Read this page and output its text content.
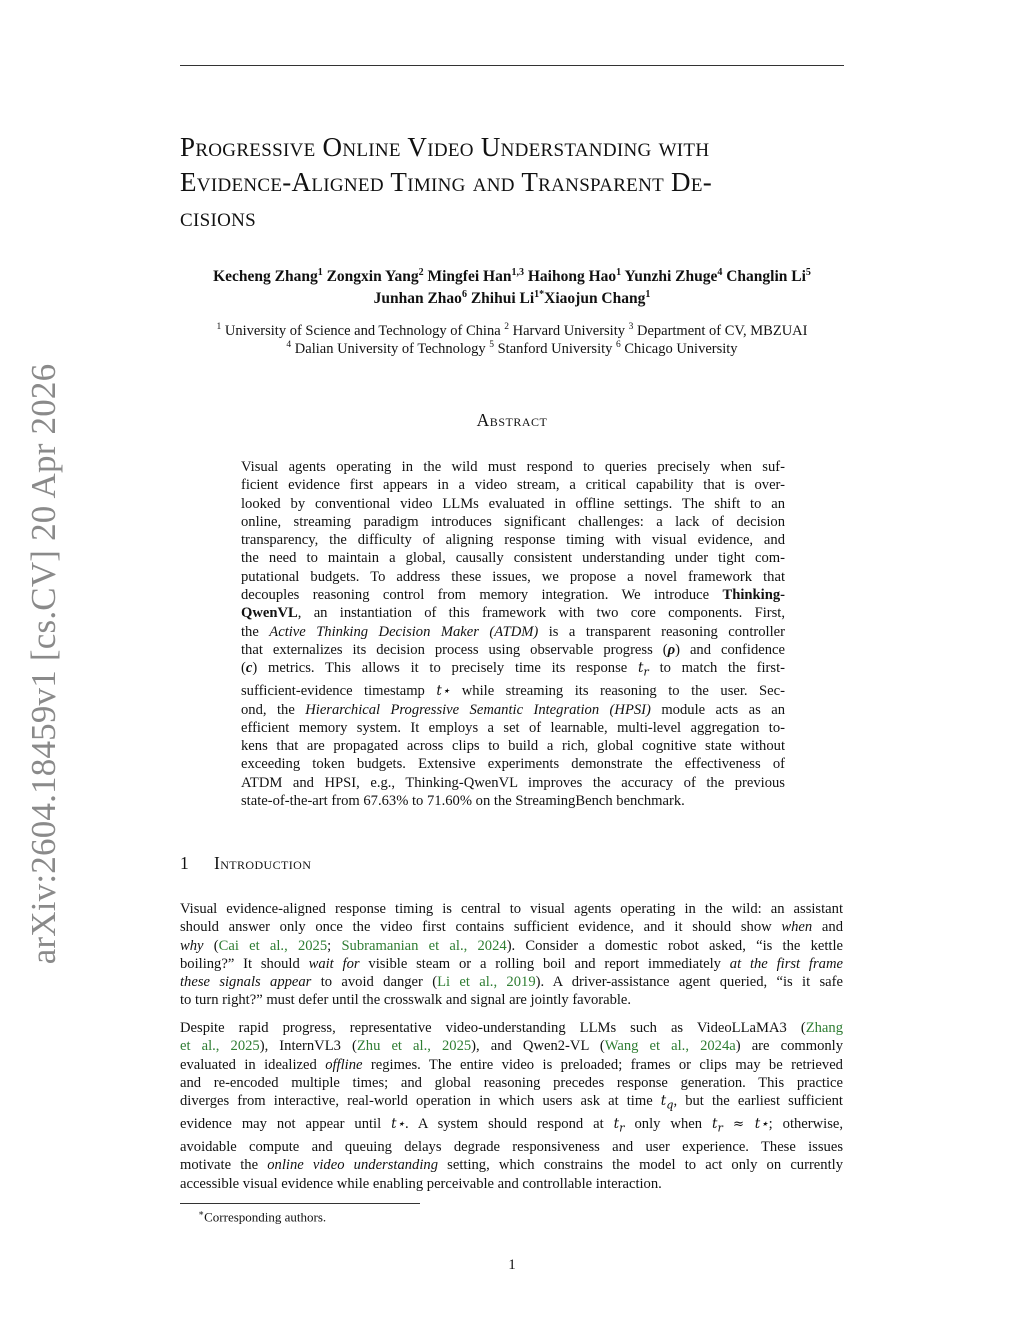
arXiv:2604.18459v1 [cs.CV] 20 Apr 2026
Progressive Online Video Understanding with
Evidence-Aligned Timing and Transparent De-
cisions
Kecheng Zhang$^1$ Zongxin Yang$^2$ Mingfei Han$^{1,3}$ Haihong Hao$^1$ Yunzhi Zhuge$^4$ Changlin Li$^5$
Junhan Zhao$^6$ Zhihui $Li^{1*}Xiaojun$ Chang$^1$
$^1$ University of Science and Technology of China $^2$ Harvard University $^3$ Department of CV, MBZUAI
$^4$ Dalian University of Technology $^5$ Stanford University $^6$ Chicago University
Abstract
Visual agents operating in the wild must respond to queries precisely when suf-
ficient evidence first appears in a video stream, a critical capability that is over-
looked by conventional video LLMs evaluated in offline settings. The shift to an
online, streaming paradigm introduces significant challenges: a lack of decision
transparency, the difficulty of aligning response timing with visual evidence, and
the need to maintain a global, causally consistent understanding under tight com-
putational budgets. To address these issues, we propose a novel framework that
decouples reasoning control from memory integration. We introduce Thinking-
QwenVL, an instantiation of this framework with two core components. First,
the Active Thinking Decision Maker (ATDM) is a transparent reasoning controller
that externalizes its decision process using observable progress (ρ) and confidence
(c) metrics. This allows it to precisely time its response $t_r$ to match the first-
sufficient-evidence timestamp t⋆ while streaming its reasoning to the user. Sec-
ond, the Hierarchical Progressive Semantic Integration (HPSI) module acts as an
efficient memory system. It employs a set of learnable, multi-level aggregation to-
kens that are propagated across clips to build a rich, global cognitive state without
exceeding token budgets. Extensive experiments demonstrate the effectiveness of
ATDM and HPSI, e.g., Thinking-QwenVL improves the accuracy of the previous
state-of-the-art from 67.63% to 71.60% on the StreamingBench benchmark.
1 Introduction
Visual evidence-aligned response timing is central to visual agents operating in the wild: an assistant
should answer only once the video first contains sufficient evidence, and it should show when and
why (Cai et al., 2025; Subramanian et al., 2024). Consider a domestic robot asked, “is the kettle
boiling?” It should wait for visible steam or a rolling boil and report immediately at the first frame
these signals appear to avoid danger (Li et al., 2019). A driver-assistance agent queried, “is it safe
to turn right?” must defer until the crosswalk and signal are jointly favorable.
Despite rapid progress, representative video-understanding LLMs such as VideoLLaMA3 (Zhang
et al., 2025), InternVL3 (Zhu et al., 2025), and Qwen2-VL (Wang et al., 2024a) are commonly
evaluated in idealized offline regimes. The entire video is preloaded; frames or clips may be retrieved
and re-encoded multiple times; and global reasoning precedes response generation. This practice
diverges from interactive, real-world operation in which users ask at time $t_q$, but the earliest sufficient
evidence may not appear until t⋆. A system should respond at $t_r$ only when $t_r$ ≈ t⋆; otherwise,
avoidable compute and queuing delays degrade responsiveness and user experience. These issues
motivate the online video understanding setting, which constrains the model to act only on currently
accessible visual evidence while enabling perceivable and controllable interaction.
∗Corresponding authors.
1
